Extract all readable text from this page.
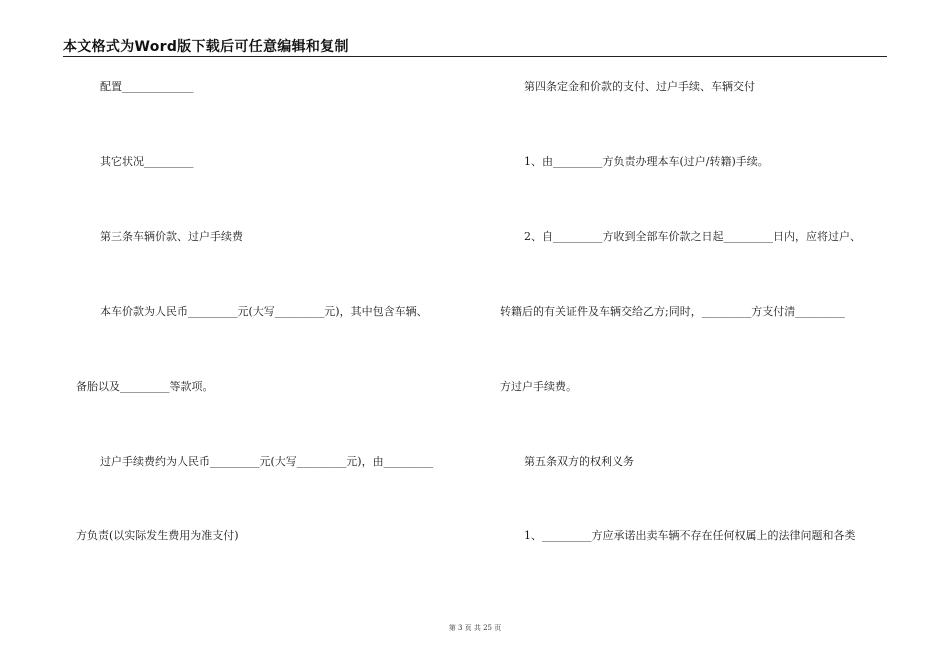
本文格式为Word版下载后可任意编辑和复制
配置_____________
其它状况_________
第三条车辆价款、过户手续费
本车价款为人民币_________元(大写_________元)，其中包含车辆、
备胎以及_________等款项。
过户手续费约为人民币_________元(大写_________元)，由_________
方负责(以实际发生费用为准支付)
第四条定金和价款的支付、过户手续、车辆交付
1、由_________方负责办理本车(过户/转籍)手续。
2、自_________方收到全部车价款之日起_________日内，应将过户、
转籍后的有关证件及车辆交给乙方;同时，_________方支付清_________
方过户手续费。
第五条双方的权利义务
1、_________方应承诺出卖车辆不存在任何权属上的法律问题和各类
第 3 页 共 25 页
